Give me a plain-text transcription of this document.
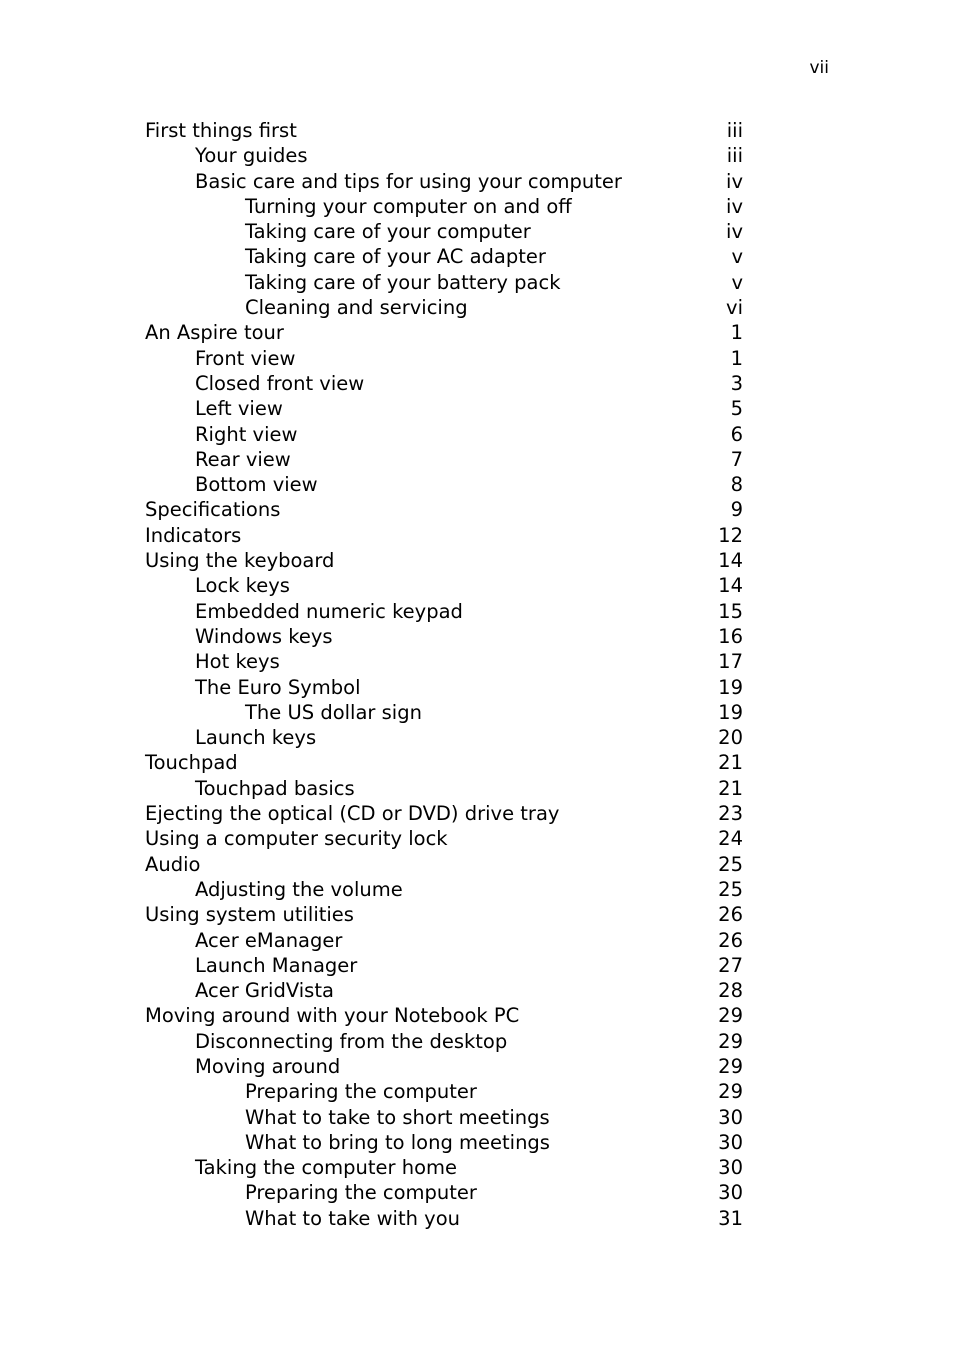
vii
First things first	iii
Your guides	iii
Basic care and tips for using your computer	iv
Turning your computer on and off	iv
Taking care of your computer	iv
Taking care of your AC adapter	v
Taking care of your battery pack	v
Cleaning and servicing	vi
An Aspire tour	1
Front view	1
Closed front view	3
Left view	5
Right view	6
Rear view	7
Bottom view	8
Specifications	9
Indicators	12
Using the keyboard	14
Lock keys	14
Embedded numeric keypad	15
Windows keys	16
Hot keys	17
The Euro Symbol	19
The US dollar sign	19
Launch keys	20
Touchpad	21
Touchpad basics	21
Ejecting the optical (CD or DVD) drive tray	23
Using a computer security lock	24
Audio	25
Adjusting the volume	25
Using system utilities	26
Acer eManager	26
Launch Manager	27
Acer GridVista	28
Moving around with your Notebook PC	29
Disconnecting from the desktop	29
Moving around	29
Preparing the computer	29
What to take to short meetings	30
What to bring to long meetings	30
Taking the computer home	30
Preparing the computer	30
What to take with you	31
